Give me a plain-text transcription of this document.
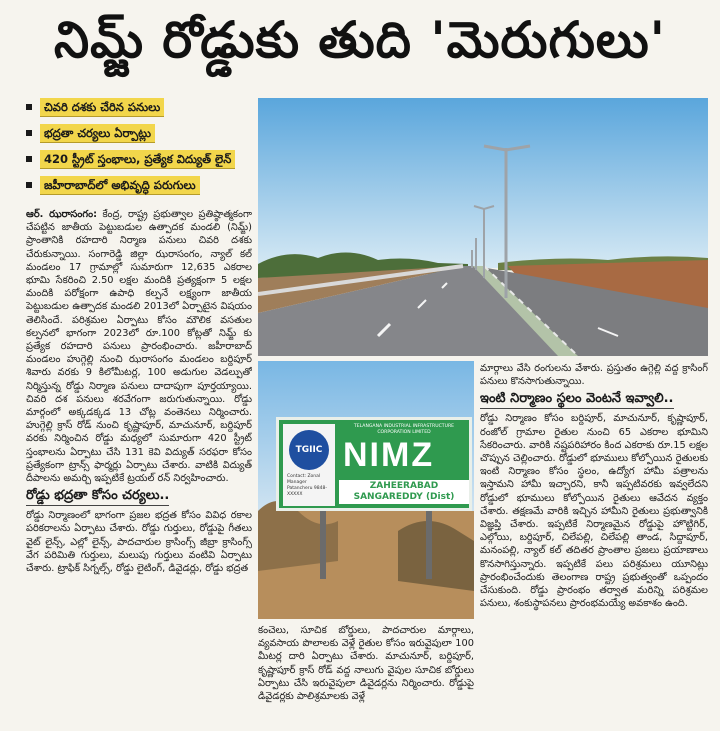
నిమ్జ్ రోడ్డుకు తుది 'మెరుగులు'
చివరి దశకు చేరిన పనులు
భద్రతా చర్యలు ఏర్పాట్లు
420 స్ట్రీట్ స్తంభాలు, ప్రత్యేక విద్యుత్ లైన్
జహీరాబాద్‌లో అభివృద్ధి పరుగులు

ఆర్. ఝరాసంగం: కేంద్ర, రాష్ట్ర ప్రభుత్వాల ప్రతిష్ఠాత్మకంగా చేపట్టిన జాతీయ పెట్టుబడుల ఉత్పాదక మండలి (నిమ్జ్) ప్రాంతానికి రహదారి నిర్మాణ పనులు చివరి దశకు చేరుకున్నాయి. సంగారెడ్డి జిల్లా ఝరాసంగం, న్యాల్ కల్ మండలం 17 గ్రామాల్లో సుమారుగా 12,635 ఎకరాల భూమి సేకరించి 2.50 లక్షల మందికి ప్రత్యక్షంగా 5 లక్షల మందికి పరోక్షంగా ఉపాధి కల్పనే లక్ష్యంగా జాతీయ పెట్టుబడుల ఉత్పాదక మండలి 2013లో ఏర్పాటైన విషయం తెలిసిందే. పరిశ్రమల ఏర్పాటు కోసం మౌలిక వసతుల కల్పనలో భాగంగా 2023లో రూ.100 కోట్లతో నిమ్జ్ కు ప్రత్యేక రహదారి పనులు ప్రారంభించారు. జహీరాబాద్ మండలం హుగ్గెల్లి నుంచి ఝరాసంగం మండలం బర్దిపూర్ శివారు వరకు 9 కిలోమీటర్ల, 100 అడుగుల వెడల్పుతో నిర్మిస్తున్న రోడ్డు నిర్మాణ పనులు దాదాపుగా పూర్తయ్యాయి. చివరి దశ పనులు శరవేగంగా జరుగుతున్నాయి. రోడ్డు మార్గంలో అక్కడక్కడ 13 చోట్ల వంతెనలు నిర్మించారు. హుగ్గెల్లి క్రాస్ రోడ్ నుంచి కృష్ణాపూర్, మాచునూర్, బర్దిపూర్ వరకు నిర్మించిన రోడ్డు మధ్యలో సుమారుగా 420 స్ట్రీట్ స్తంభాలను ఏర్పాటు చేసి 131 కెవి విద్యుత్ సరఫరా కోసం ప్రత్యేకంగా ట్రాన్స్ ఫార్మర్లు ఏర్పాటు చేశారు. వాటికి విద్యుత్ దీపాలను అమర్చి ఇప్పటికే ట్రయల్ రన్ నిర్వహించారు.

రోడ్డు భద్రతా కోసం చర్యలు..

రోడ్డు నిర్మాణంలో భాగంగా ప్రజల భద్రత కోసం వివిధ రకాల పరికరాలను ఏర్పాటు చేశారు. రోడ్డు గుర్తులు, రోడ్డుపై గీతలు వైట్ లైన్స్, ఎల్లో లైన్స్, పాదచారుల క్రాసింగ్స్ జీబ్రా క్రాసింగ్స్ వేగ పరిమితి గుర్తులు, మలుపు గుర్తులు వంటివి ఏర్పాటు చేశారు. ట్రాఫిక్ సిగ్నల్స్, రోడ్డు లైటింగ్, డివైడర్లు, రోడ్డు భద్రత

TGIIC
Contact: Zonal Manager Patancheru 9848-XXXXX
TELANGANA INDUSTRIAL INFRASTRUCTURE CORPORATION LIMITED
NIMZ
ZAHEERABAD
SANGAREDDY (Dist)

కంచెలు, సూచిక బోర్డులు, పాదచారుల మార్గాలు, వ్యవసాయ పొలాలకు వెళ్లే రైతుల కోసం ఇరువైపులా 100 మీటర్ల దారి ఏర్పాటు చేశారు. మాచునూర్, బర్దిపూర్, కృష్ణాపూర్ క్రాస్ రోడ్ వద్ద నాలుగు వైపుల సూచిక బోర్డులు ఏర్పాటు చేసి ఇరువైపులా డివైడర్లను నిర్మించారు. రోడ్డుపై డివైడర్లకు పాలిశ్రమాలకు వెళ్లే

మార్గాలు వేసి రంగులను వేశారు. ప్రస్తుతం ఉగ్గెల్లి వద్ద క్రాసింగ్ పనులు కొనసాగుతున్నాయి.

ఇంటి నిర్మాణం స్థలం వెంటనే ఇవ్వాలి..

రోడ్డు నిర్మాణం కోసం బర్దిపూర్, మాచునూర్, కృష్ణాపూర్, రంజోల్ గ్రామాల రైతుల నుంచి 65 ఎకరాల భూమిని సేకరించారు. వారికి నష్టపరిహారం కింద ఎకరాకు రూ.15 లక్షల చొప్పున చెల్లించారు. రోడ్డులో భూములు కోల్పోయిన రైతులకు ఇంటి నిర్మాణం కోసం స్థలం, ఉద్యోగ హామీ పత్రాలను ఇస్తామని హామీ ఇచ్చారని, కానీ ఇప్పటివరకు ఇవ్వలేదని రోడ్డులో భూములు కోల్పోయిన రైతులు ఆవేదన వ్యక్తం చేశారు. తక్షణమే వారికి ఇచ్చిన హామీని రైతులు ప్రభుత్వానికి విజ్ఞప్తి చేశారు. ఇప్పటికే నిర్మాణమైన రోడ్డుపై హొట్టిగిర్, ఎల్గోయి, బర్దిపూర్, చిలేపల్లి, చిలేపల్లి తాండ, సిద్దాపూర్, మనంపల్లి, న్యాల్ కల్ తదితర ప్రాంతాల ప్రజలు ప్రయాణాలు కొనసాగిస్తున్నారు. ఇప్పటికే పలు పరిశ్రమలు యూనిట్లు ప్రారంభించేందుకు తెలంగాణ రాష్ట్ర ప్రభుత్వంతో ఒప్పందం చేసుకుంది. రోడ్డు ప్రారంభం తర్వాత మరిన్ని పరిశ్రమల పనులు, శంకుస్థాపనలు ప్రారంభమయ్యే అవకాశం ఉంది.
